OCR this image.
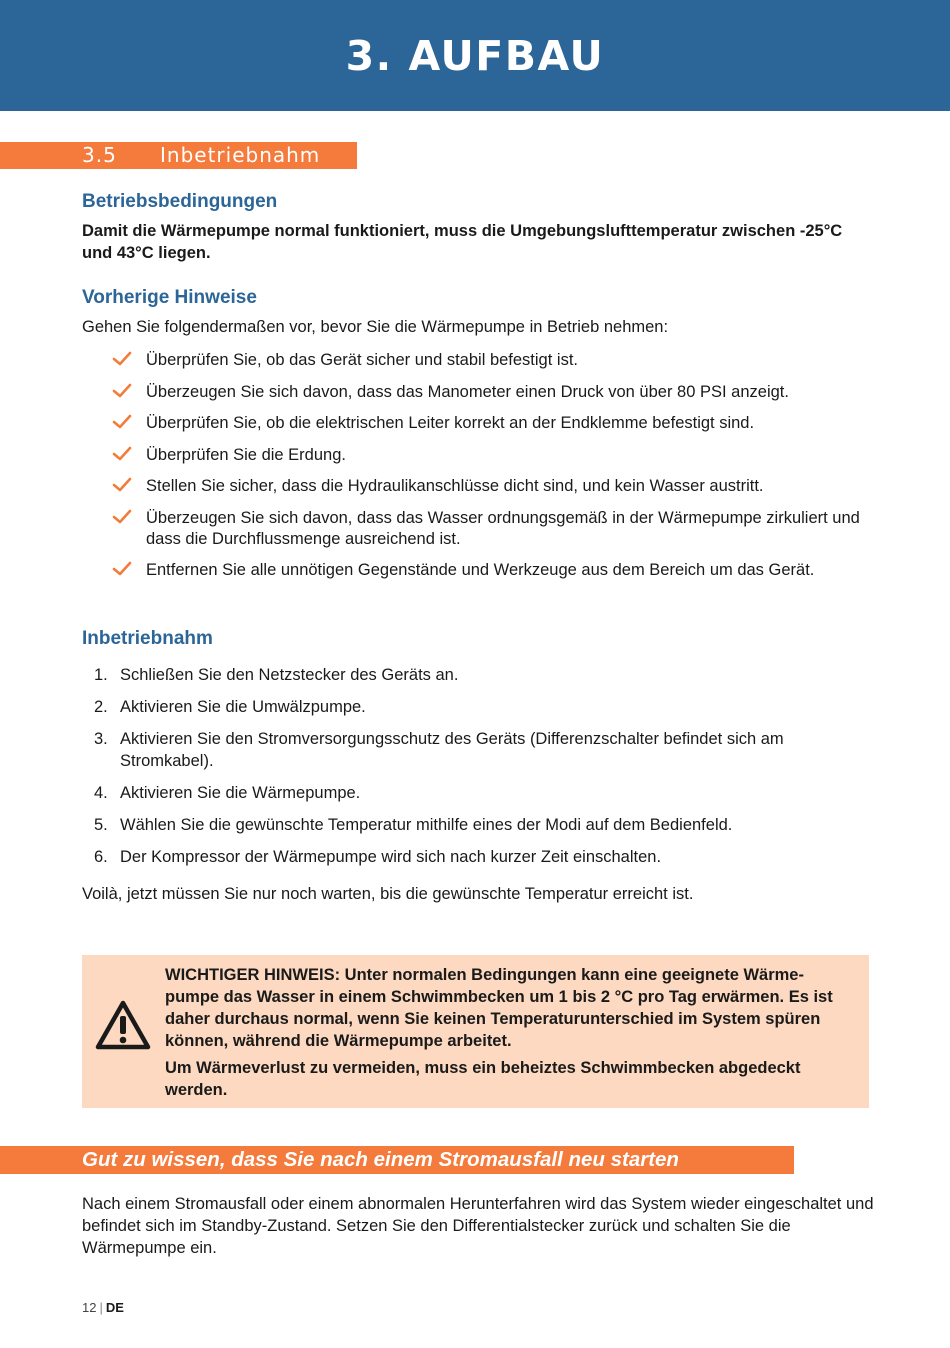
3. AUFBAU
3.5 Inbetriebnahm
Betriebsbedingungen

Damit die Wärmepumpe normal funktioniert, muss die Umgebungslufttemperatur zwischen -25°C und 43°C liegen.

Vorherige Hinweise

Gehen Sie folgendermaßen vor, bevor Sie die Wärmepumpe in Betrieb nehmen:

Überprüfen Sie, ob das Gerät sicher und stabil befestigt ist.
Überzeugen Sie sich davon, dass das Manometer einen Druck von über 80 PSI anzeigt.
Überprüfen Sie, ob die elektrischen Leiter korrekt an der Endklemme befestigt sind.
Überprüfen Sie die Erdung.
Stellen Sie sicher, dass die Hydraulikanschlüsse dicht sind, und kein Wasser austritt.
Überzeugen Sie sich davon, dass das Wasser ordnungsgemäß in der Wärmepumpe zirkuliert und dass die Durchflussmenge ausreichend ist.
Entfernen Sie alle unnötigen Gegenstände und Werkzeuge aus dem Bereich um das Gerät.
Inbetriebnahm
1. Schließen Sie den Netzstecker des Geräts an.
2. Aktivieren Sie die Umwälzpumpe.
3. Aktivieren Sie den Stromversorgungsschutz des Geräts (Differenzschalter befindet sich am Stromkabel).
4. Aktivieren Sie die Wärmepumpe.
5. Wählen Sie die gewünschte Temperatur mithilfe eines der Modi auf dem Bedienfeld.
6. Der Kompressor der Wärmepumpe wird sich nach kurzer Zeit einschalten.

Voilà, jetzt müssen Sie nur noch warten, bis die gewünschte Temperatur erreicht ist.

WICHTIGER HINWEIS: Unter normalen Bedingungen kann eine geeignete Wärme-pumpe das Wasser in einem Schwimmbecken um 1 bis 2 °C pro Tag erwärmen. Es ist daher durchaus normal, wenn Sie keinen Temperaturunterschied im System spüren können, während die Wärmepumpe arbeitet.

Um Wärmeverlust zu vermeiden, muss ein beheiztes Schwimmbecken abgedeckt werden.

Gut zu wissen, dass Sie nach einem Stromausfall neu starten

Nach einem Stromausfall oder einem abnormalen Herunterfahren wird das System wieder eingeschaltet und befindet sich im Standby-Zustand. Setzen Sie den Differentialstecker zurück und schalten Sie die Wärmepumpe ein.

12 | DE
